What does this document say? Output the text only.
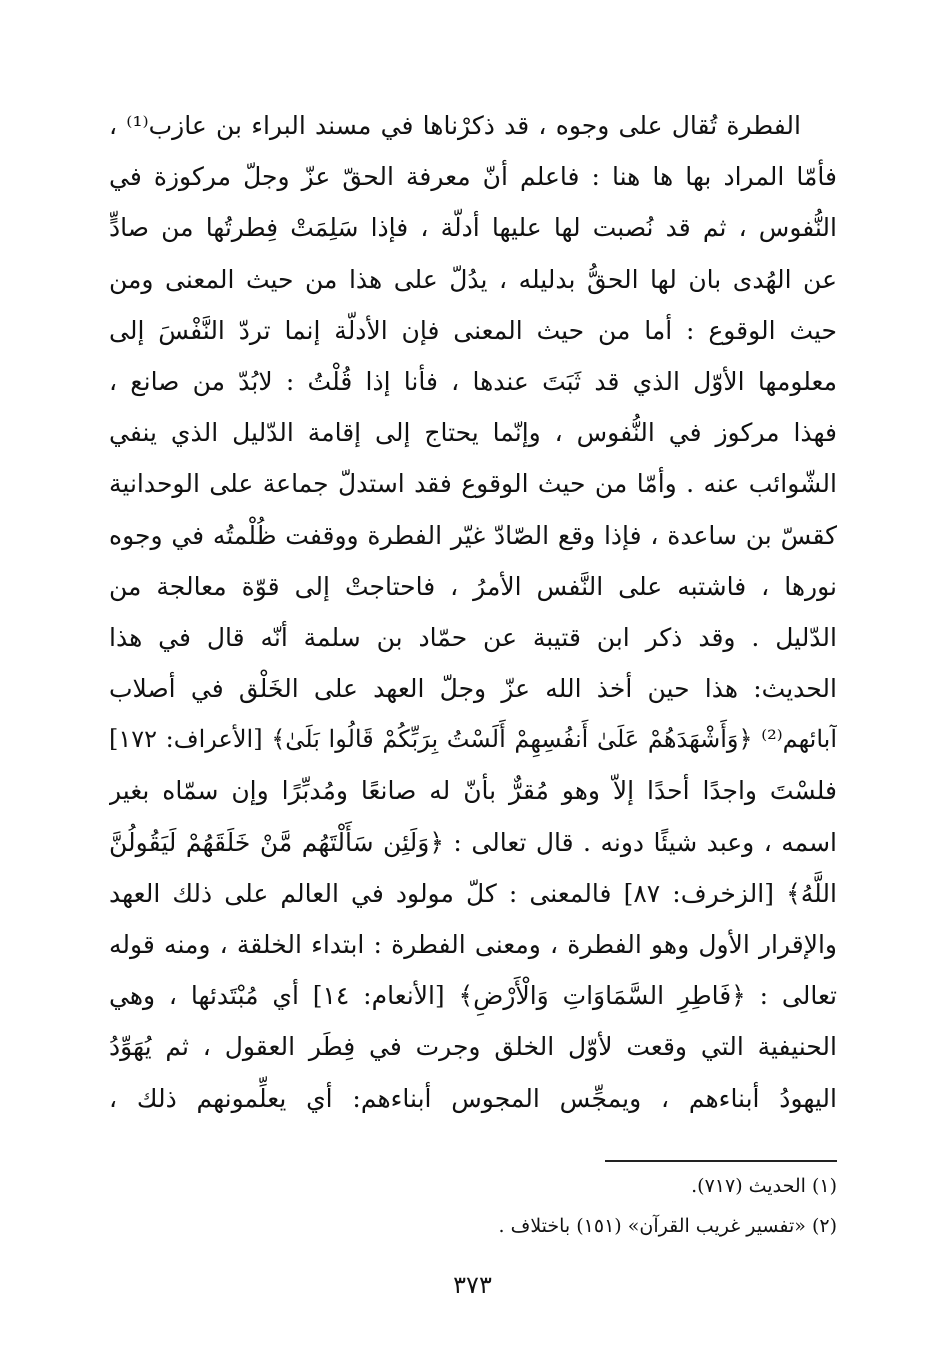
الفطرة تُقال على وجوه ، قد ذكرْناها في مسند البراء بن عازب⁽¹⁾ ،
فأمّا المراد بها ها هنا : فاعلم أنّ معرفة الحقّ عزّ وجلّ مركوزة في
النُّفوس ، ثم قد نُصبت لها عليها أدلّة ، فإذا سَلِمَتْ فِطرتُها من صادٍّ
عن الهُدى بان لها الحقُّ بدليله ، يدُلّ على هذا من حيث المعنى ومن
حيث الوقوع : أما من حيث المعنى فإن الأدلّة إنما تردّ النَّفْسَ إلى
معلومها الأوّل الذي قد ثَبَتَ عندها ، فأنا إذا قُلْتُ : لابُدّ من صانع ،
فهذا مركوز في النُّفوس ، وإنّما يحتاج إلى إقامة الدّليل الذي ينفي
الشّوائب عنه . وأمّا من حيث الوقوع فقد استدلّ جماعة على الوحدانية
كقسّ بن ساعدة ، فإذا وقع الصّادّ غيّر الفطرة ووقفت ظُلْمتُه في وجوه
نورها ، فاشتبه على النَّفس الأمرُ ، فاحتاجتْ إلى قوّة معالجة من
الدّليل . وقد ذكر ابن قتيبة عن حمّاد بن سلمة أنّه قال في هذا
الحديث: هذا حين أخذ الله عزّ وجلّ العهد على الخَلْق في أصلاب
آبائهم⁽²⁾ ﴿وَأَشْهَدَهُمْ عَلَىٰ أَنفُسِهِمْ أَلَسْتُ بِرَبِّكُمْ قَالُوا بَلَىٰ﴾ [الأعراف: ١٧٢]
فلسْتَ واجدًا أحدًا إلاّ وهو مُقرٌّ بأنّ له صانعًا ومُدبِّرًا وإن سمّاه بغير
اسمه ، وعبد شيئًا دونه . قال تعالى : ﴿وَلَئِن سَأَلْتَهُم مَّنْ خَلَقَهُمْ لَيَقُولُنَّ
اللَّهُ﴾ [الزخرف: ٨٧] فالمعنى : كلّ مولود في العالم على ذلك العهد
والإقرار الأول وهو الفطرة ، ومعنى الفطرة : ابتداء الخلقة ، ومنه قوله
تعالى : ﴿فَاطِرِ السَّمَاوَاتِ وَالْأَرْضِ﴾ [الأنعام: ١٤] أي مُبْتَدئها ، وهي
الحنيفية التي وقعت لأوّل الخلق وجرت في فِطَر العقول ، ثم يُهَوِّدُ
اليهودُ أبناءهم ، ويمجِّس المجوس أبناءهم: أي يعلِّمونهم ذلك ،
(١) الحديث (٧١٧).
(٢) «تفسير غريب القرآن» (١٥١) باختلاف .
٣٧٣
